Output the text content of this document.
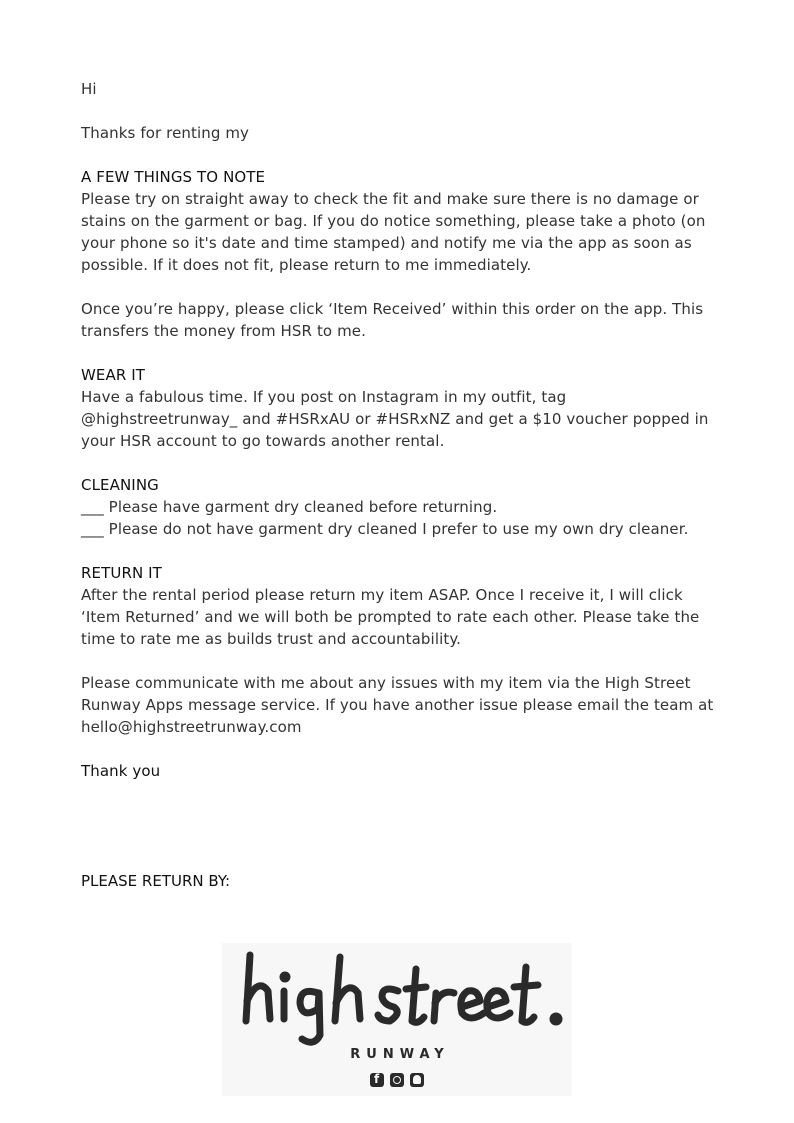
Hi

Thanks for renting my

A FEW THINGS TO NOTE

Please try on straight away to check the fit and make sure there is no damage or stains on the garment or bag. If you do notice something, please take a photo (on your phone so it's date and time stamped) and notify me via the app as soon as possible. If it does not fit, please return to me immediately.

Once you’re happy, please click ‘Item Received’ within this order on the app. This transfers the money from HSR to me.

WEAR IT

Have a fabulous time. If you post on Instagram in my outfit, tag @highstreetrunway_ and #HSRxAU or #HSRxNZ and get a $10 voucher popped in your HSR account to go towards another rental.

CLEANING

___ Please have garment dry cleaned before returning.

___ Please do not have garment dry cleaned I prefer to use my own dry cleaner.

RETURN IT

After the rental period please return my item ASAP. Once I receive it, I will click ‘Item Returned’ and we will both be prompted to rate each other. Please take the time to rate me as builds trust and accountability.

Please communicate with me about any issues with my item via the High Street Runway Apps message service. If you have another issue please email the team at hello@highstreetrunway.com

Thank you

PLEASE RETURN BY:
RUNWAY
f
